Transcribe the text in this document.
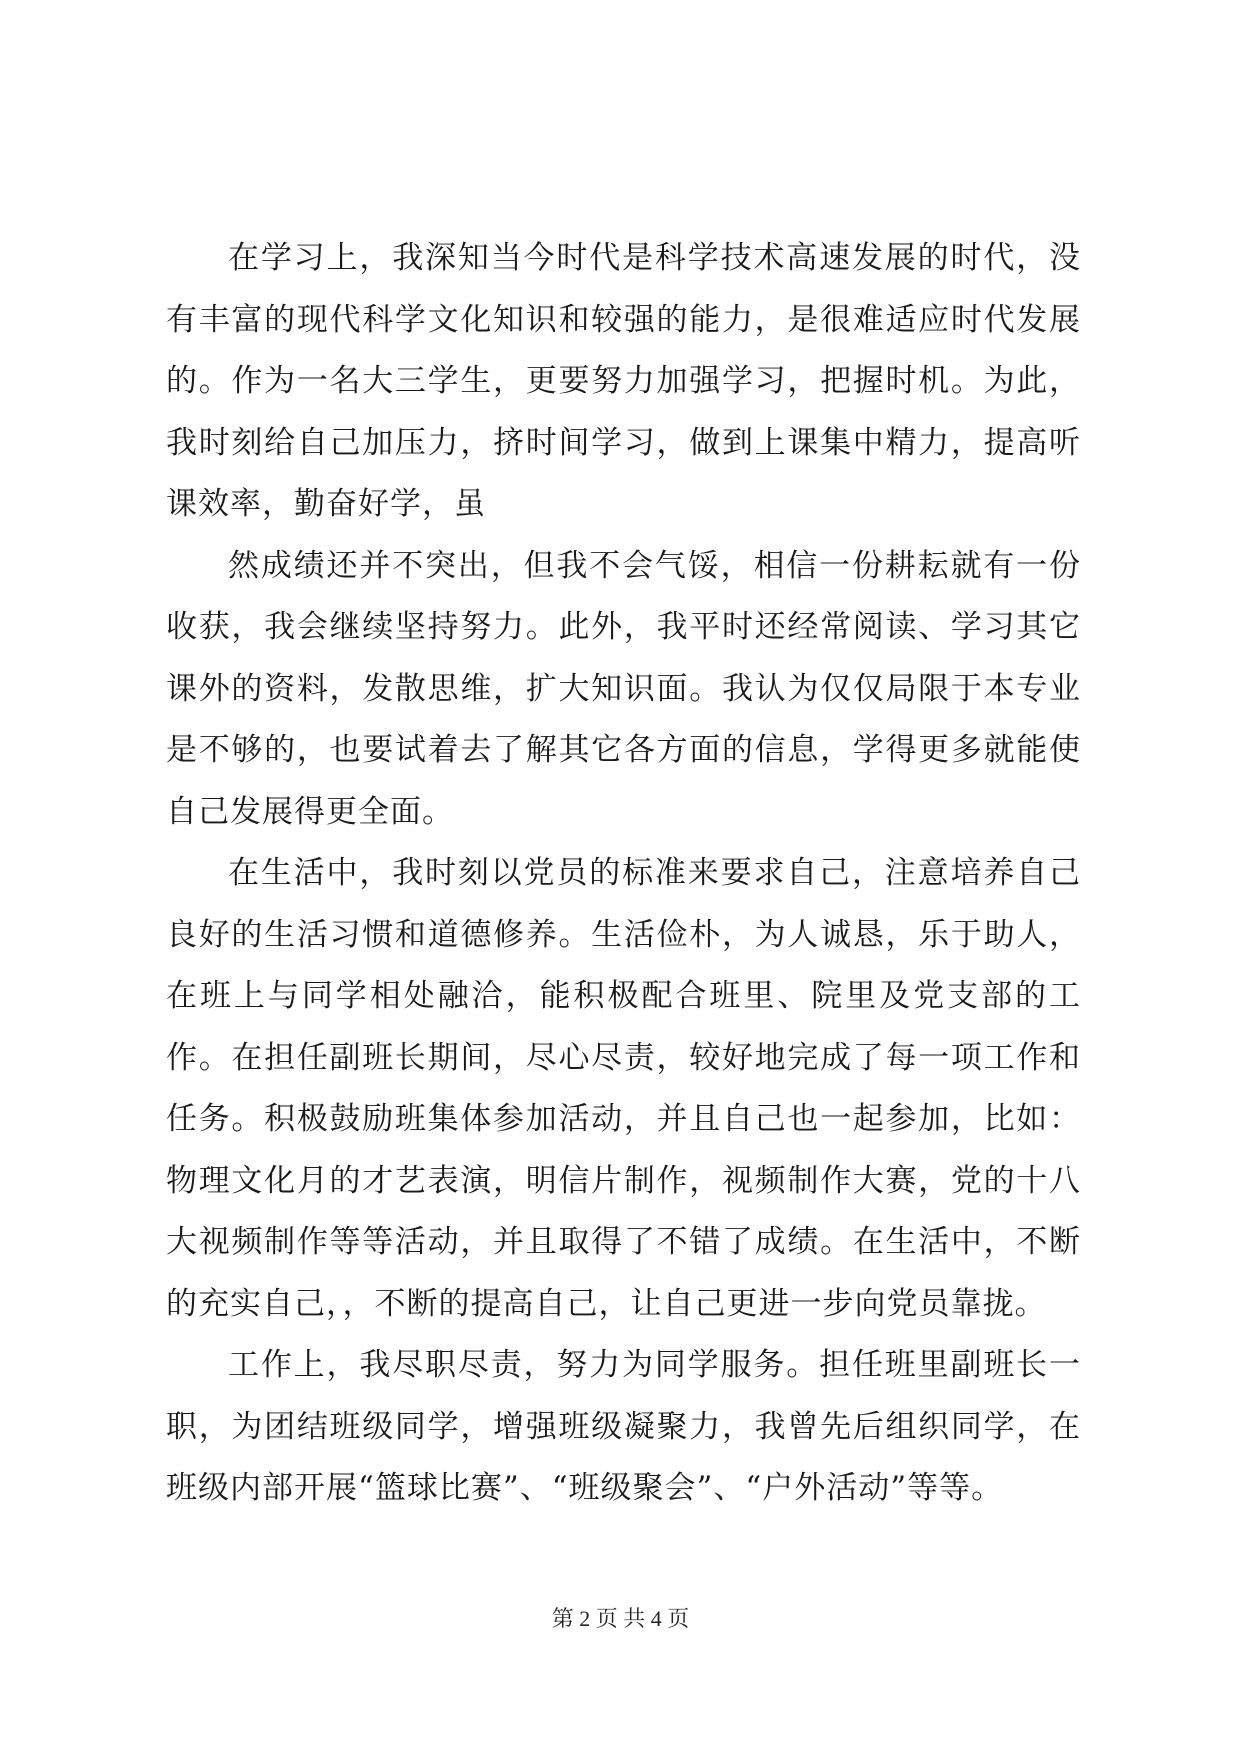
在学习上，我深知当今时代是科学技术高速发展的时代，没有丰富的现代科学文化知识和较强的能力，是很难适应时代发展的。作为一名大三学生，更要努力加强学习，把握时机。为此，我时刻给自己加压力，挤时间学习，做到上课集中精力，提高听课效率，勤奋好学，虽

然成绩还并不突出，但我不会气馁，相信一份耕耘就有一份收获，我会继续坚持努力。此外，我平时还经常阅读、学习其它课外的资料，发散思维，扩大知识面。我认为仅仅局限于本专业是不够的，也要试着去了解其它各方面的信息，学得更多就能使自己发展得更全面。

在生活中，我时刻以党员的标准来要求自己，注意培养自己良好的生活习惯和道德修养。生活俭朴，为人诚恳，乐于助人，在班上与同学相处融洽，能积极配合班里、院里及党支部的工作。在担任副班长期间，尽心尽责，较好地完成了每一项工作和任务。积极鼓励班集体参加活动，并且自己也一起参加，比如：物理文化月的才艺表演，明信片制作，视频制作大赛，党的十八大视频制作等等活动，并且取得了不错了成绩。在生活中，不断的充实自己，，不断的提高自己，让自己更进一步向党员靠拢。

工作上，我尽职尽责，努力为同学服务。担任班里副班长一职，为团结班级同学，增强班级凝聚力，我曾先后组织同学，在班级内部开展“篮球比赛”、“班级聚会”、“户外活动”等等。

第 2 页 共 4 页
